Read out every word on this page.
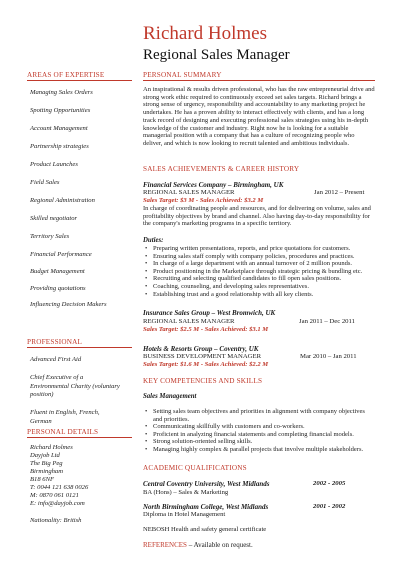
Richard Holmes
Regional Sales Manager
AREAS OF EXPERTISE
Managing Sales Orders
Spotting Opportunities
Account Management
Partnership strategies
Product Launches
Field Sales
Regional Administration
Skilled negotiator
Territory Sales
Financial Performance
Budget Management
Providing quotations
Influencing Decision Makers
PROFESSIONAL
Advanced First Aid
Chief Executive of a Environmental Charity (voluntary position)
Fluent in English, French, German
PERSONAL DETAILS
Richard Holmes
Dayjob Ltd
The Big Peg
Birmingham
B18 6NF
T: 0044 121 638 0026
M: 0870 061 0121
E: info@dayjob.com
Nationality: British
PERSONAL SUMMARY
An inspirational & results driven professional, who has the raw entrepreneurial drive and strong work ethic required to continuously exceed set sales targets. Richard brings a strong sense of urgency, responsibility and accountability to any marketing project he undertakes. He has a proven ability to interact effectively with clients, and has a long track record of designing and executing professional sales strategies using his in-depth knowledge of the customer and industry. Right now he is looking for a suitable managerial position with a company that has a culture of recognizing people who deliver, and which is now looking to recruit talented and ambitious individuals.
SALES ACHIEVEMENTS & CAREER HISTORY
Financial Services Company – Birmingham, UK
REGIONAL SALES MANAGER	Jan 2012 – Present
Sales Target: $3 M - Sales Achieved: $3.2 M
In charge of coordinating people and resources, and for delivering on volume, sales and profitability objectives by brand and channel. Also having day-to-day responsibility for the company's marketing programs in a specific territory.
Duties:
• Preparing written presentations, reports, and price quotations for customers.
• Ensuring sales staff comply with company policies, procedures and practices.
• In charge of a large department with an annual turnover of 2 million pounds.
• Product positioning in the Marketplace through strategic pricing & bundling etc.
• Recruiting and selecting qualified candidates to fill open sales positions.
• Coaching, counseling, and developing sales representatives.
• Establishing trust and a good relationship with all key clients.
Insurance Sales Group – West Bromwich, UK
REGIONAL SALES MANAGER	Jan 2011 – Dec 2011
Sales Target: $2.5 M - Sales Achieved: $3.1 M
Hotels & Resorts Group – Coventry, UK
BUSINESS DEVELOPMENT MANAGER	Mar 2010 – Jan 2011
Sales Target: $1.6 M - Sales Achieved: $2.2 M
KEY COMPETENCIES AND SKILLS
Sales Management
• Setting sales team objectives and priorities in alignment with company objectives and priorities.
• Communicating skillfully with customers and co-workers.
• Proficient in analyzing financial statements and completing financial models.
• Strong solution-oriented selling skills.
• Managing highly complex & parallel projects that involve multiple stakeholders.
ACADEMIC QUALIFICATIONS
Central Coventry University, West Midlands	2002 - 2005
BA (Hons) – Sales & Marketing
North Birmingham College, West Midlands	2001 - 2002
Diploma in Hotel Management
NEBOSH Health and safety general certificate
REFERENCES – Available on request.
